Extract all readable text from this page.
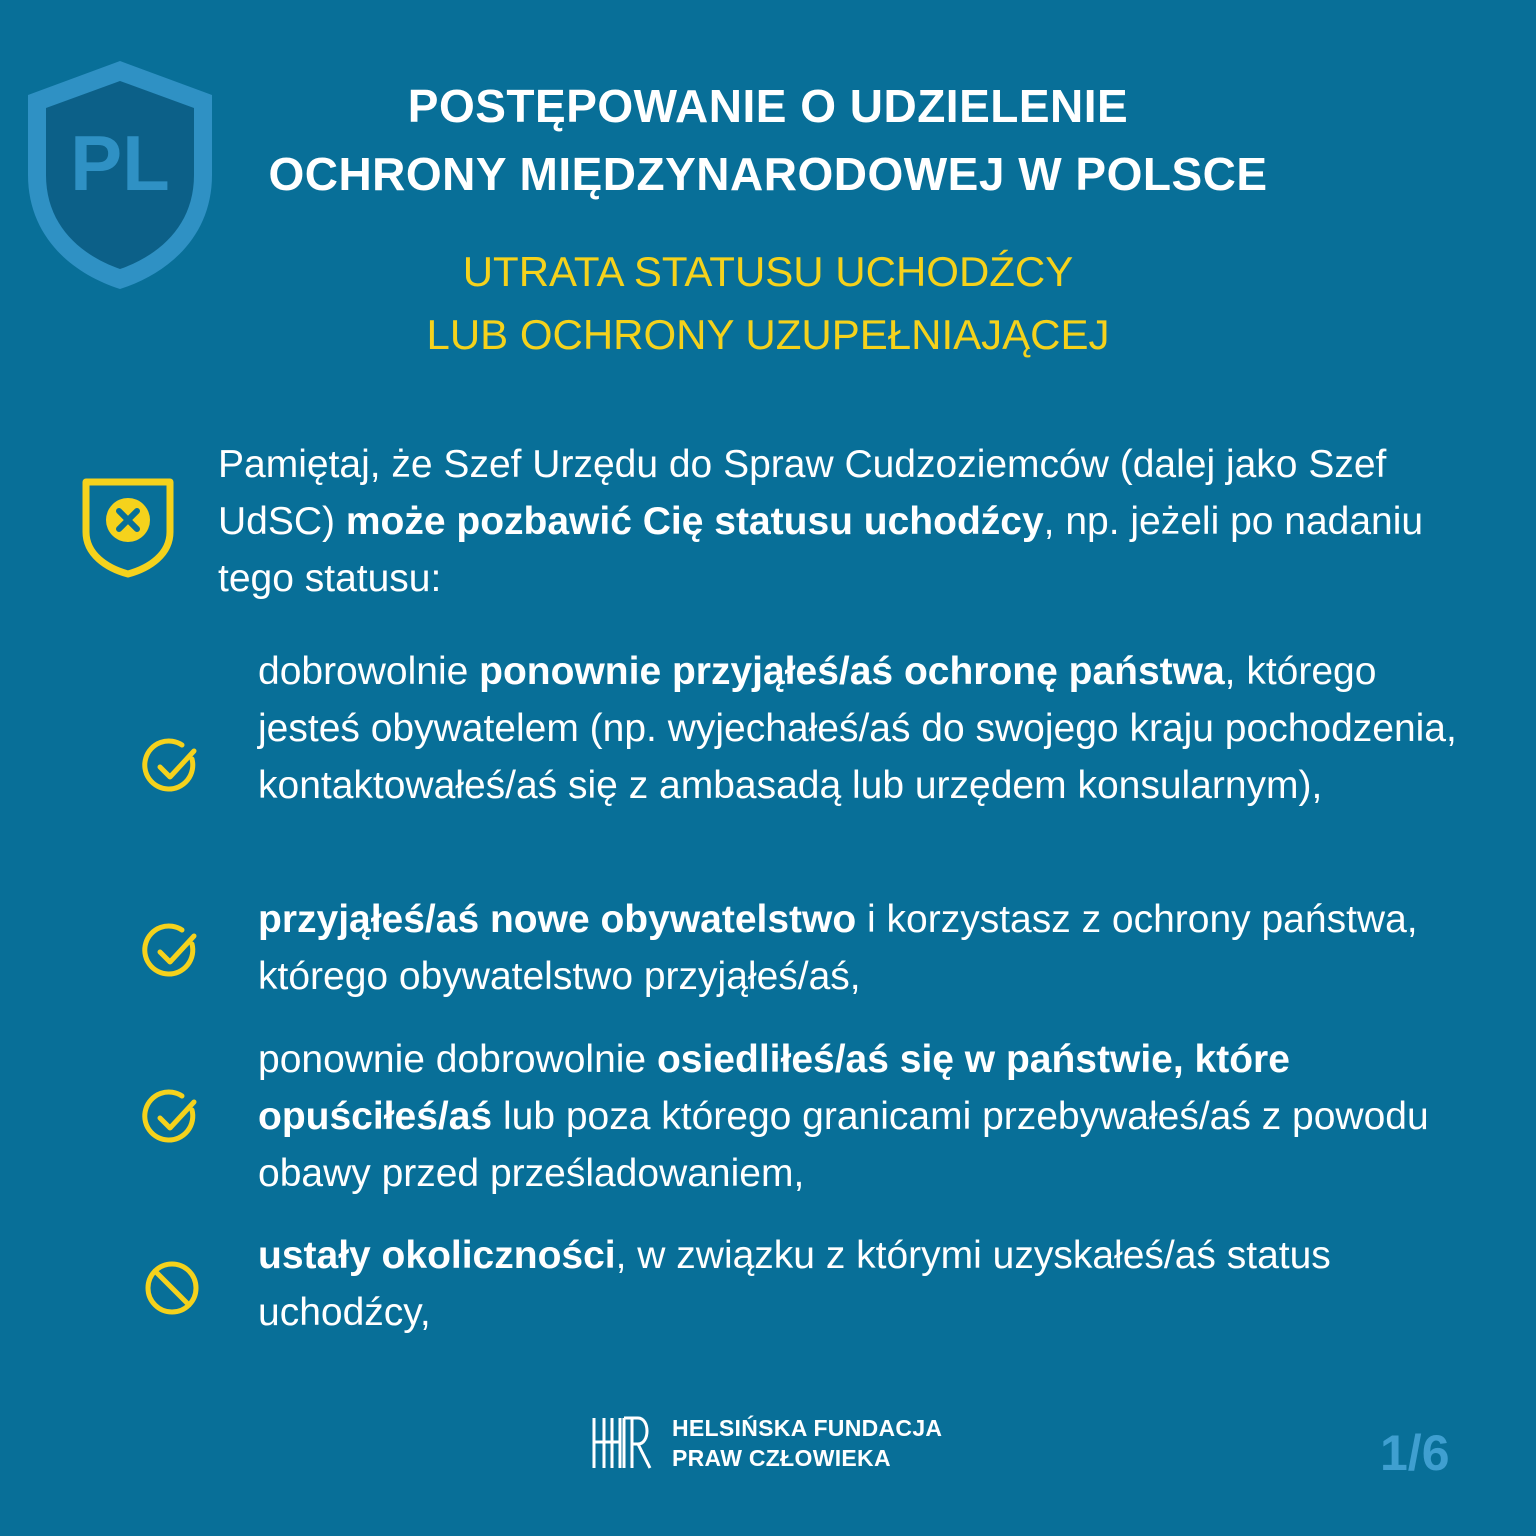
PL
POSTĘPOWANIE O UDZIELENIE
OCHRONY MIĘDZYNARODOWEJ W POLSCE
UTRATA STATUSU UCHODŹCY
LUB OCHRONY UZUPEŁNIAJĄCEJ
Pamiętaj, że Szef Urzędu do Spraw Cudzoziemców (dalej jako Szef UdSC) może pozbawić Cię statusu uchodźcy, np. jeżeli po nadaniu tego statusu:
dobrowolnie ponownie przyjąłeś/aś ochronę państwa, którego jesteś obywatelem (np. wyjechałeś/aś do swojego kraju pochodzenia, kontaktowałeś/aś się z ambasadą lub urzędem konsularnym),
przyjąłeś/aś nowe obywatelstwo i korzystasz z ochrony państwa, którego obywatelstwo przyjąłeś/aś,
ponownie dobrowolnie osiedliłeś/aś się w państwie, które opuściłeś/aś lub poza którego granicami przebywałeś/aś z powodu obawy przed prześladowaniem,
ustały okoliczności, w związku z którymi uzyskałeś/aś status uchodźcy,
HELSIŃSKA FUNDACJA
PRAW CZŁOWIEKA	1/6
